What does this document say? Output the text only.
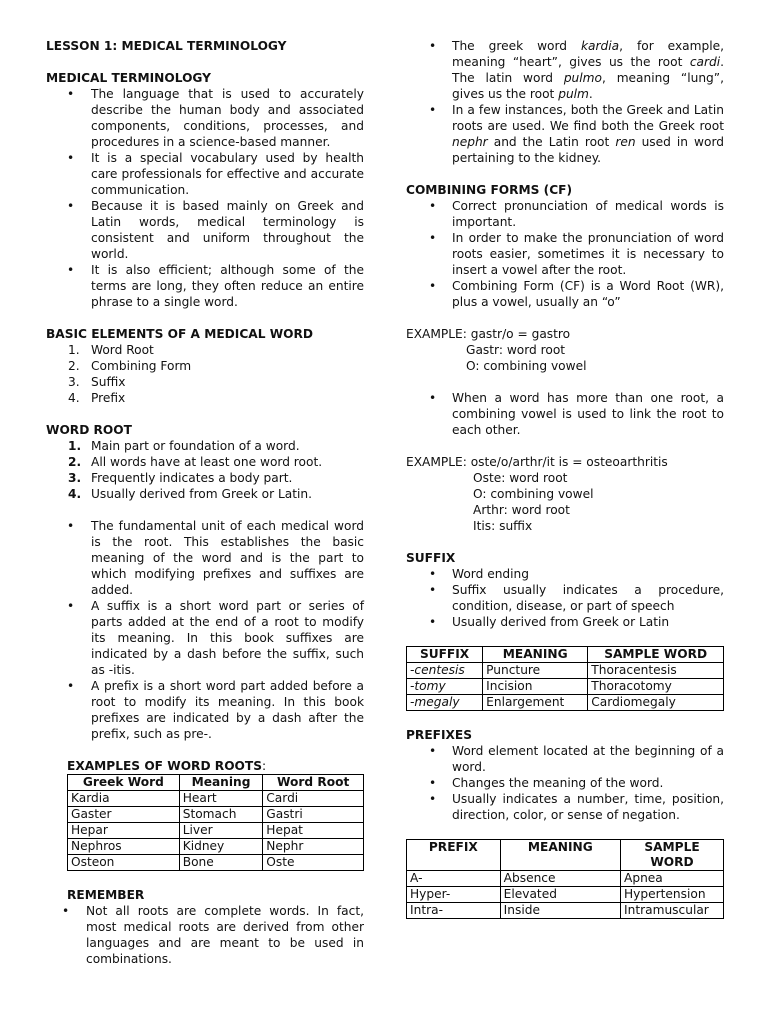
LESSON 1: MEDICAL TERMINOLOGY

MEDICAL TERMINOLOGY

• The language that is used to accurately describe the human body and associated components, conditions, processes, and procedures in a science-based manner.
• It is a special vocabulary used by health care professionals for effective and accurate communication.
• Because it is based mainly on Greek and Latin words, medical terminology is consistent and uniform throughout the world.
• It is also efficient; although some of the terms are long, they often reduce an entire phrase to a single word.

BASIC ELEMENTS OF A MEDICAL WORD

1. Word Root
2. Combining Form
3. Suffix
4. Prefix

WORD ROOT

1. Main part or foundation of a word.
2. All words have at least one word root.
3. Frequently indicates a body part.
4. Usually derived from Greek or Latin.
• The fundamental unit of each medical word is the root. This establishes the basic meaning of the word and is the part to which modifying prefixes and suffixes are added.
• A suffix is a short word part or series of parts added at the end of a root to modify its meaning. In this book suffixes are indicated by a dash before the suffix, such as -itis.
• A prefix is a short word part added before a root to modify its meaning. In this book prefixes are indicated by a dash after the prefix, such as pre-.

EXAMPLES OF WORD ROOTS:

Greek Word	Meaning	Word Root
Kardia	Heart	Cardi
Gaster	Stomach	Gastri
Hepar	Liver	Hepat
Nephros	Kidney	Nephr
Osteon	Bone	Oste

REMEMBER

• Not all roots are complete words. In fact, most medical roots are derived from other languages and are meant to be used in combinations.
• The greek word kardia, for example, meaning “heart”, gives us the root cardi. The latin word pulmo, meaning “lung”, gives us the root pulm.
• In a few instances, both the Greek and Latin roots are used. We find both the Greek root nephr and the Latin root ren used in word pertaining to the kidney.

COMBINING FORMS (CF)

• Correct pronunciation of medical words is important.
• In order to make the pronunciation of word roots easier, sometimes it is necessary to insert a vowel after the root.
• Combining Form (CF) is a Word Root (WR), plus a vowel, usually an “o”
EXAMPLE: gastr/o = gastro
Gastr: word root
O: combining vowel
• When a word has more than one root, a combining vowel is used to link the root to each other.
EXAMPLE: oste/o/arthr/it is = osteoarthritis
Oste: word root
O: combining vowel
Arthr: word root
Itis: suffix

SUFFIX

• Word ending
• Suffix usually indicates a procedure, condition, disease, or part of speech
• Usually derived from Greek or Latin
SUFFIX	MEANING	SAMPLE WORD
-centesis	Puncture	Thoracentesis
-tomy	Incision	Thoracotomy
-megaly	Enlargement	Cardiomegaly

PREFIXES

• Word element located at the beginning of a word.
• Changes the meaning of the word.
• Usually indicates a number, time, position, direction, color, or sense of negation.
PREFIX	MEANING	SAMPLE WORD
A-	Absence	Apnea
Hyper-	Elevated	Hypertension
Intra-	Inside	Intramuscular
